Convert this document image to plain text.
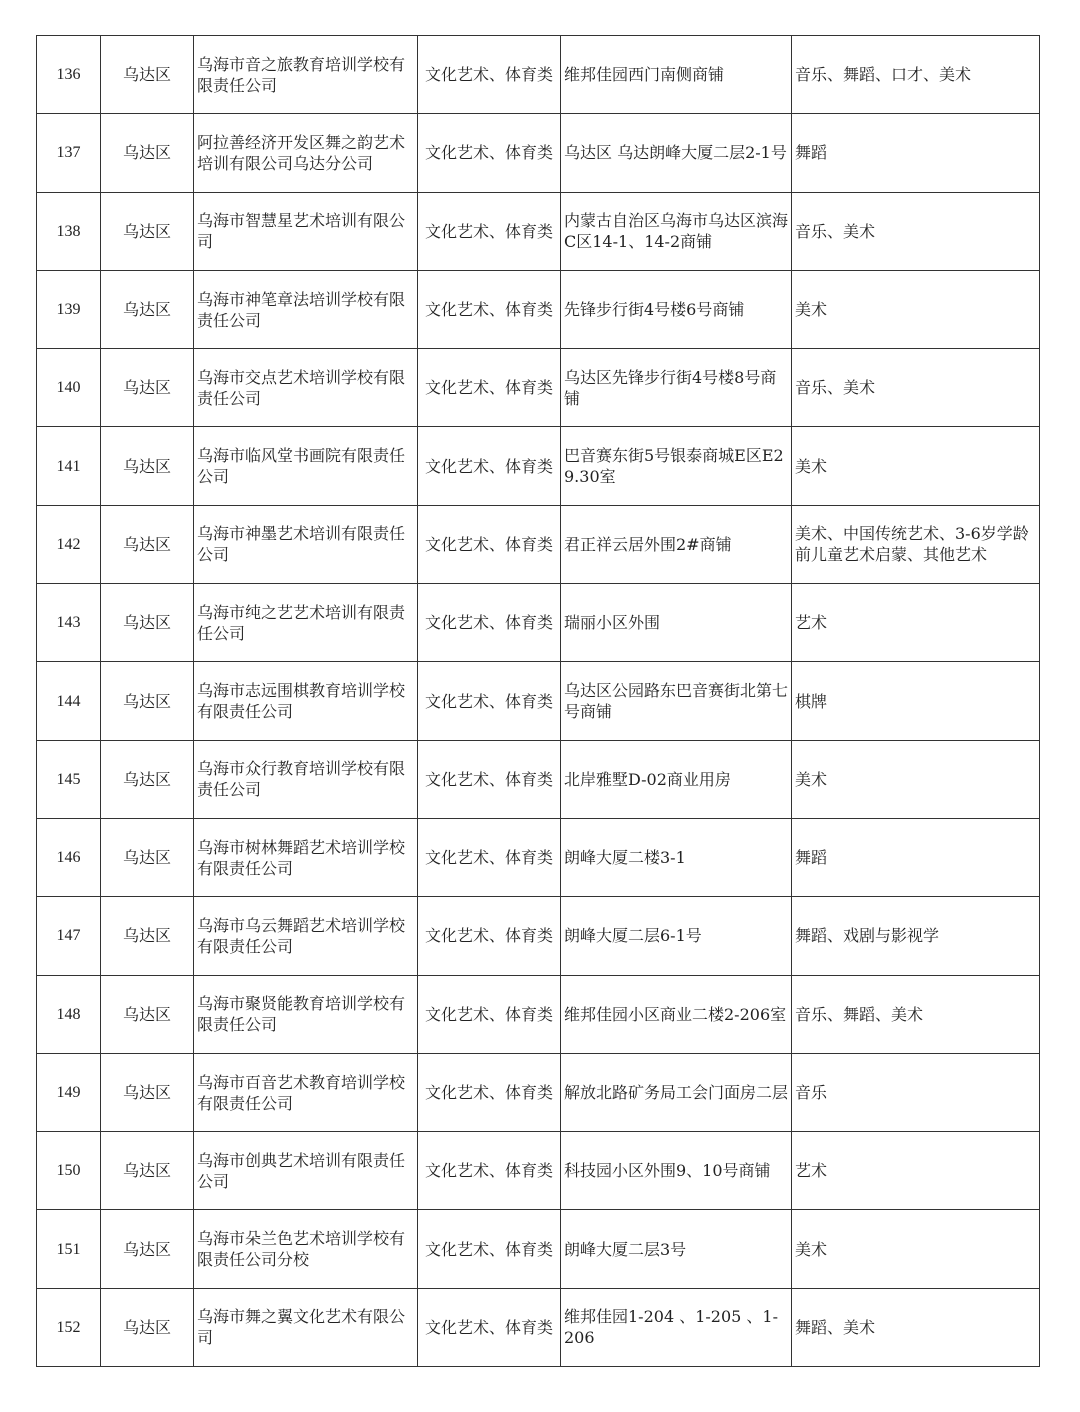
136	乌达区	乌海市音之旅教育培训学校有限责任公司	文化艺术、体育类	维邦佳园西门南侧商铺	音乐、舞蹈、口才、美术
137	乌达区	阿拉善经济开发区舞之韵艺术培训有限公司乌达分公司	文化艺术、体育类	乌达区 乌达朗峰大厦二层2-1号	舞蹈
138	乌达区	乌海市智慧星艺术培训有限公司	文化艺术、体育类	内蒙古自治区乌海市乌达区滨海C区14-1、14-2商铺	音乐、美术
139	乌达区	乌海市神笔章法培训学校有限责任公司	文化艺术、体育类	先锋步行街4号楼6号商铺	美术
140	乌达区	乌海市交点艺术培训学校有限责任公司	文化艺术、体育类	乌达区先锋步行街4号楼8号商铺	音乐、美术
141	乌达区	乌海市临风堂书画院有限责任公司	文化艺术、体育类	巴音赛东街5号银泰商城E区E29.30室	美术
142	乌达区	乌海市神墨艺术培训有限责任公司	文化艺术、体育类	君正祥云居外围2#商铺	美术、中国传统艺术、3-6岁学龄前儿童艺术启蒙、其他艺术
143	乌达区	乌海市纯之艺艺术培训有限责任公司	文化艺术、体育类	瑞丽小区外围	艺术
144	乌达区	乌海市志远围棋教育培训学校有限责任公司	文化艺术、体育类	乌达区公园路东巴音赛街北第七号商铺	棋牌
145	乌达区	乌海市众行教育培训学校有限责任公司	文化艺术、体育类	北岸雅墅D-02商业用房	美术
146	乌达区	乌海市树林舞蹈艺术培训学校有限责任公司	文化艺术、体育类	朗峰大厦二楼3-1	舞蹈
147	乌达区	乌海市乌云舞蹈艺术培训学校有限责任公司	文化艺术、体育类	朗峰大厦二层6-1号	舞蹈、戏剧与影视学
148	乌达区	乌海市聚贤能教育培训学校有限责任公司	文化艺术、体育类	维邦佳园小区商业二楼2-206室	音乐、舞蹈、美术
149	乌达区	乌海市百音艺术教育培训学校有限责任公司	文化艺术、体育类	解放北路矿务局工会门面房二层	音乐
150	乌达区	乌海市创典艺术培训有限责任公司	文化艺术、体育类	科技园小区外围9、10号商铺	艺术
151	乌达区	乌海市朵兰色艺术培训学校有限责任公司分校	文化艺术、体育类	朗峰大厦二层3号	美术
152	乌达区	乌海市舞之翼文化艺术有限公司	文化艺术、体育类	维邦佳园1-204 、1-205 、1-206	舞蹈、美术
